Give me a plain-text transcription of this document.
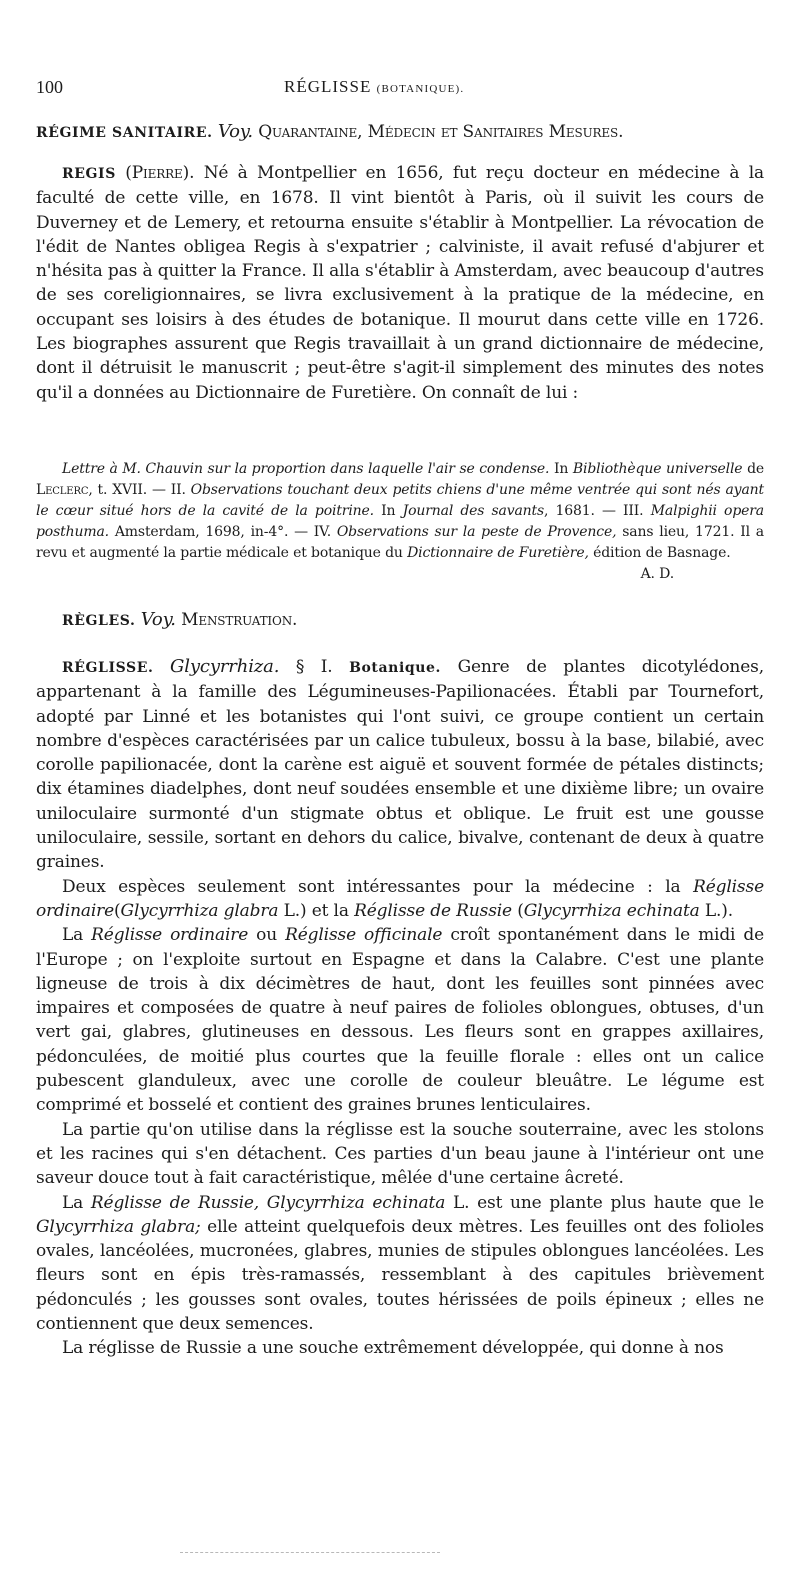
100	RÉGLISSE (BOTANIQUE).

RÉGIME SANITAIRE. Voy. Quarantaine, Médecin et Sanitaires Mesures.

REGIS (Pierre). Né à Montpellier en 1656, fut reçu docteur en médecine à la faculté de cette ville, en 1678. Il vint bientôt à Paris, où il suivit les cours de Duverney et de Lemery, et retourna ensuite s'établir à Montpellier. La révocation de l'édit de Nantes obligea Regis à s'expatrier ; calviniste, il avait refusé d'abjurer et n'hésita pas à quitter la France. Il alla s'établir à Amsterdam, avec beaucoup d'autres de ses coreligionnaires, se livra exclusivement à la pratique de la médecine, en occupant ses loisirs à des études de botanique. Il mourut dans cette ville en 1726. Les biographes assurent que Regis travaillait à un grand dictionnaire de médecine, dont il détruisit le manuscrit ; peut-être s'agit-il simplement des minutes des notes qu'il a données au Dictionnaire de Furetière. On connaît de lui :

Lettre à M. Chauvin sur la proportion dans laquelle l'air se condense. In Bibliothèque universelle de Leclerc, t. XVII. — II. Observations touchant deux petits chiens d'une même ventrée qui sont nés ayant le cœur situé hors de la cavité de la poitrine. In Journal des savants, 1681. — III. Malpighii opera posthuma. Amsterdam, 1698, in-4°. — IV. Observations sur la peste de Provence, sans lieu, 1721. Il a revu et augmenté la partie médicale et botanique du Dictionnaire de Furetière, édition de Basnage.
A. D.

RÈGLES. Voy. Menstruation.

RÉGLISSE. Glycyrrhiza. § I. Botanique. Genre de plantes dicotylédones, appartenant à la famille des Légumineuses-Papilionacées. Établi par Tournefort, adopté par Linné et les botanistes qui l'ont suivi, ce groupe contient un certain nombre d'espèces caractérisées par un calice tubuleux, bossu à la base, bilabié, avec corolle papilionacée, dont la carène est aiguë et souvent formée de pétales distincts; dix étamines diadelphes, dont neuf soudées ensemble et une dixième libre; un ovaire uniloculaire surmonté d'un stigmate obtus et oblique. Le fruit est une gousse uniloculaire, sessile, sortant en dehors du calice, bivalve, contenant de deux à quatre graines.

Deux espèces seulement sont intéressantes pour la médecine : la Réglisse ordinaire(Glycyrrhiza glabra L.) et la Réglisse de Russie (Glycyrrhiza echinata L.).

La Réglisse ordinaire ou Réglisse officinale croît spontanément dans le midi de l'Europe ; on l'exploite surtout en Espagne et dans la Calabre. C'est une plante ligneuse de trois à dix décimètres de haut, dont les feuilles sont pinnées avec impaires et composées de quatre à neuf paires de folioles oblongues, obtuses, d'un vert gai, glabres, glutineuses en dessous. Les fleurs sont en grappes axillaires, pédonculées, de moitié plus courtes que la feuille florale : elles ont un calice pubescent glanduleux, avec une corolle de couleur bleuâtre. Le légume est comprimé et bosselé et contient des graines brunes lenticulaires.

La partie qu'on utilise dans la réglisse est la souche souterraine, avec les stolons et les racines qui s'en détachent. Ces parties d'un beau jaune à l'intérieur ont une saveur douce tout à fait caractéristique, mêlée d'une certaine âcreté.

La Réglisse de Russie, Glycyrrhiza echinata L. est une plante plus haute que le Glycyrrhiza glabra; elle atteint quelquefois deux mètres. Les feuilles ont des folioles ovales, lancéolées, mucronées, glabres, munies de stipules oblongues lancéolées. Les fleurs sont en épis très-ramassés, ressemblant à des capitules brièvement pédonculés ; les gousses sont ovales, toutes hérissées de poils épineux ; elles ne contiennent que deux semences.

La réglisse de Russie a une souche extrêmement développée, qui donne à nos
